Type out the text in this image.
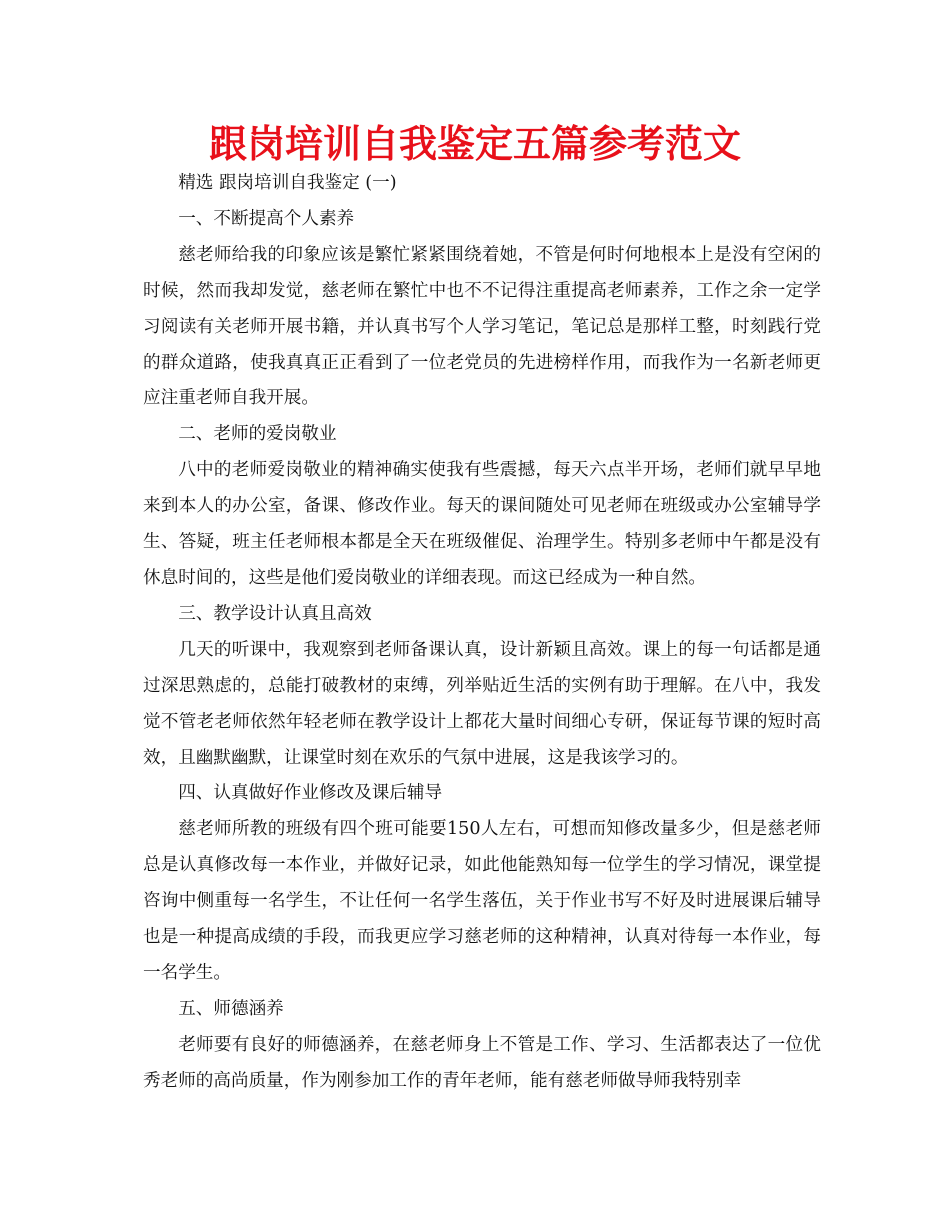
跟岗培训自我鉴定五篇参考范文

精选 跟岗培训自我鉴定 (一)

一、不断提高个人素养

慈老师给我的印象应该是繁忙紧紧围绕着她，不管是何时何地根本上是没有空闲的时候，然而我却发觉，慈老师在繁忙中也不不记得注重提高老师素养，工作之余一定学习阅读有关老师开展书籍，并认真书写个人学习笔记，笔记总是那样工整，时刻践行党的群众道路，使我真真正正看到了一位老党员的先进榜样作用，而我作为一名新老师更应注重老师自我开展。

二、老师的爱岗敬业

八中的老师爱岗敬业的精神确实使我有些震撼，每天六点半开场，老师们就早早地来到本人的办公室，备课、修改作业。每天的课间随处可见老师在班级或办公室辅导学生、答疑，班主任老师根本都是全天在班级催促、治理学生。特别多老师中午都是没有休息时间的，这些是他们爱岗敬业的详细表现。而这已经成为一种自然。

三、教学设计认真且高效

几天的听课中，我观察到老师备课认真，设计新颖且高效。课上的每一句话都是通过深思熟虑的，总能打破教材的束缚，列举贴近生活的实例有助于理解。在八中，我发觉不管老老师依然年轻老师在教学设计上都花大量时间细心专研，保证每节课的短时高效，且幽默幽默，让课堂时刻在欢乐的气氛中进展，这是我该学习的。

四、认真做好作业修改及课后辅导

慈老师所教的班级有四个班可能要150人左右，可想而知修改量多少，但是慈老师总是认真修改每一本作业，并做好记录，如此他能熟知每一位学生的学习情况，课堂提咨询中侧重每一名学生，不让任何一名学生落伍，关于作业书写不好及时进展课后辅导也是一种提高成绩的手段，而我更应学习慈老师的这种精神，认真对待每一本作业，每一名学生。

五、师德涵养

老师要有良好的师德涵养，在慈老师身上不管是工作、学习、生活都表达了一位优秀老师的高尚质量，作为刚参加工作的青年老师，能有慈老师做导师我特别幸
